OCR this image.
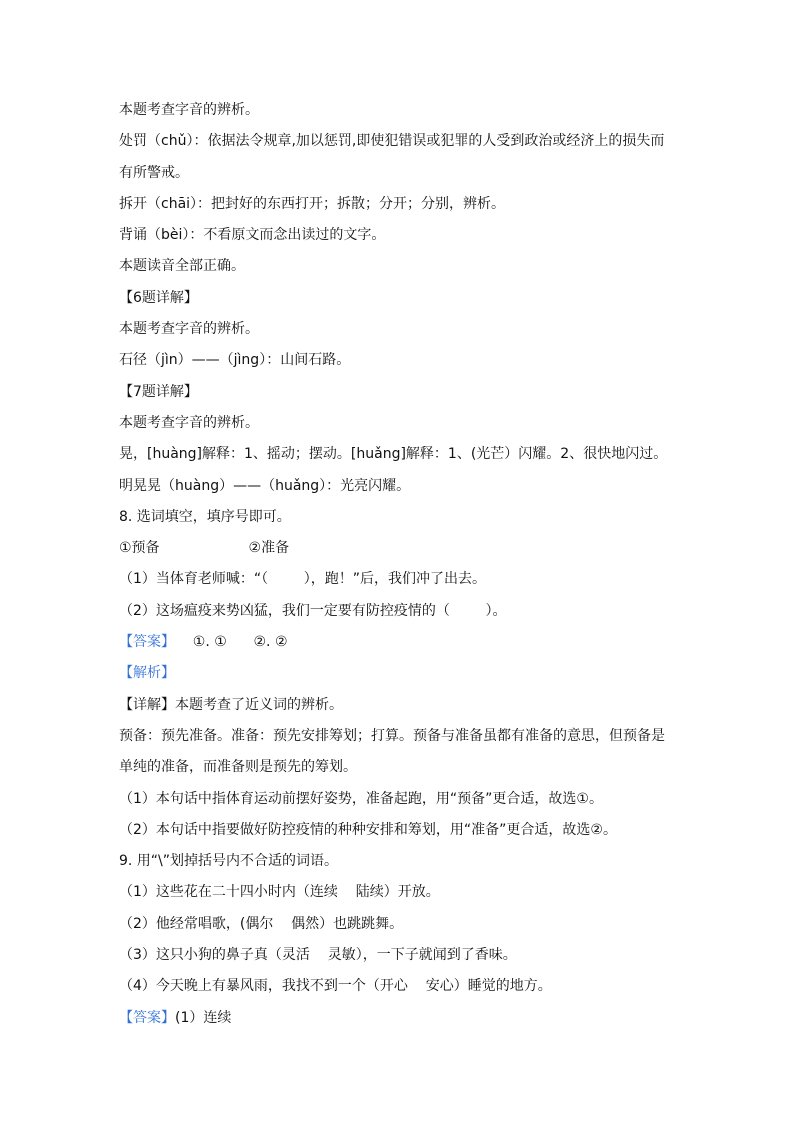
本题考查字音的辨析。
处罚（chǔ）：依据法令规章,加以惩罚,即使犯错误或犯罪的人受到政治或经济上的损失而
有所警戒。
拆开（chāi）：把封好的东西打开；拆散；分开；分别，辨析。
背诵（bèi）：不看原文而念出读过的文字。
本题读音全部正确。
【6题详解】
本题考查字音的辨析。
石径（jìn）——（jìng）：山间石路。
【7题详解】
本题考查字音的辨析。
晃，[huàng]解释：1、摇动；摆动。[huǎng]解释：1、(光芒）闪耀。2、很快地闪过。
明晃晃（huàng）——（huǎng）：光亮闪耀。
8. 选词填空，填序号即可。
①预备                    ②准备
（1）当体育老师喊：“（        ），跑！”后，我们冲了出去。
（2）这场瘟疫来势凶猛，我们一定要有防控疫情的（        ）。
【答案】    ①. ①      ②. ②
【解析】
【详解】本题考查了近义词的辨析。
预备：预先准备。准备：预先安排筹划；打算。预备与准备虽都有准备的意思，但预备是
单纯的准备，而准备则是预先的筹划。
（1）本句话中指体育运动前摆好姿势，准备起跑，用“预备”更合适，故选①。
（2）本句话中指要做好防控疫情的种种安排和筹划，用“准备”更合适，故选②。
9. 用“\”划掉括号内不合适的词语。
（1）这些花在二十四小时内（连续    陆续）开放。
（2）他经常唱歌，(偶尔    偶然）也跳跳舞。
（3）这只小狗的鼻子真（灵活    灵敏），一下子就闻到了香味。
（4）今天晚上有暴风雨，我找不到一个（开心    安心）睡觉的地方。
【答案】(1）连续
